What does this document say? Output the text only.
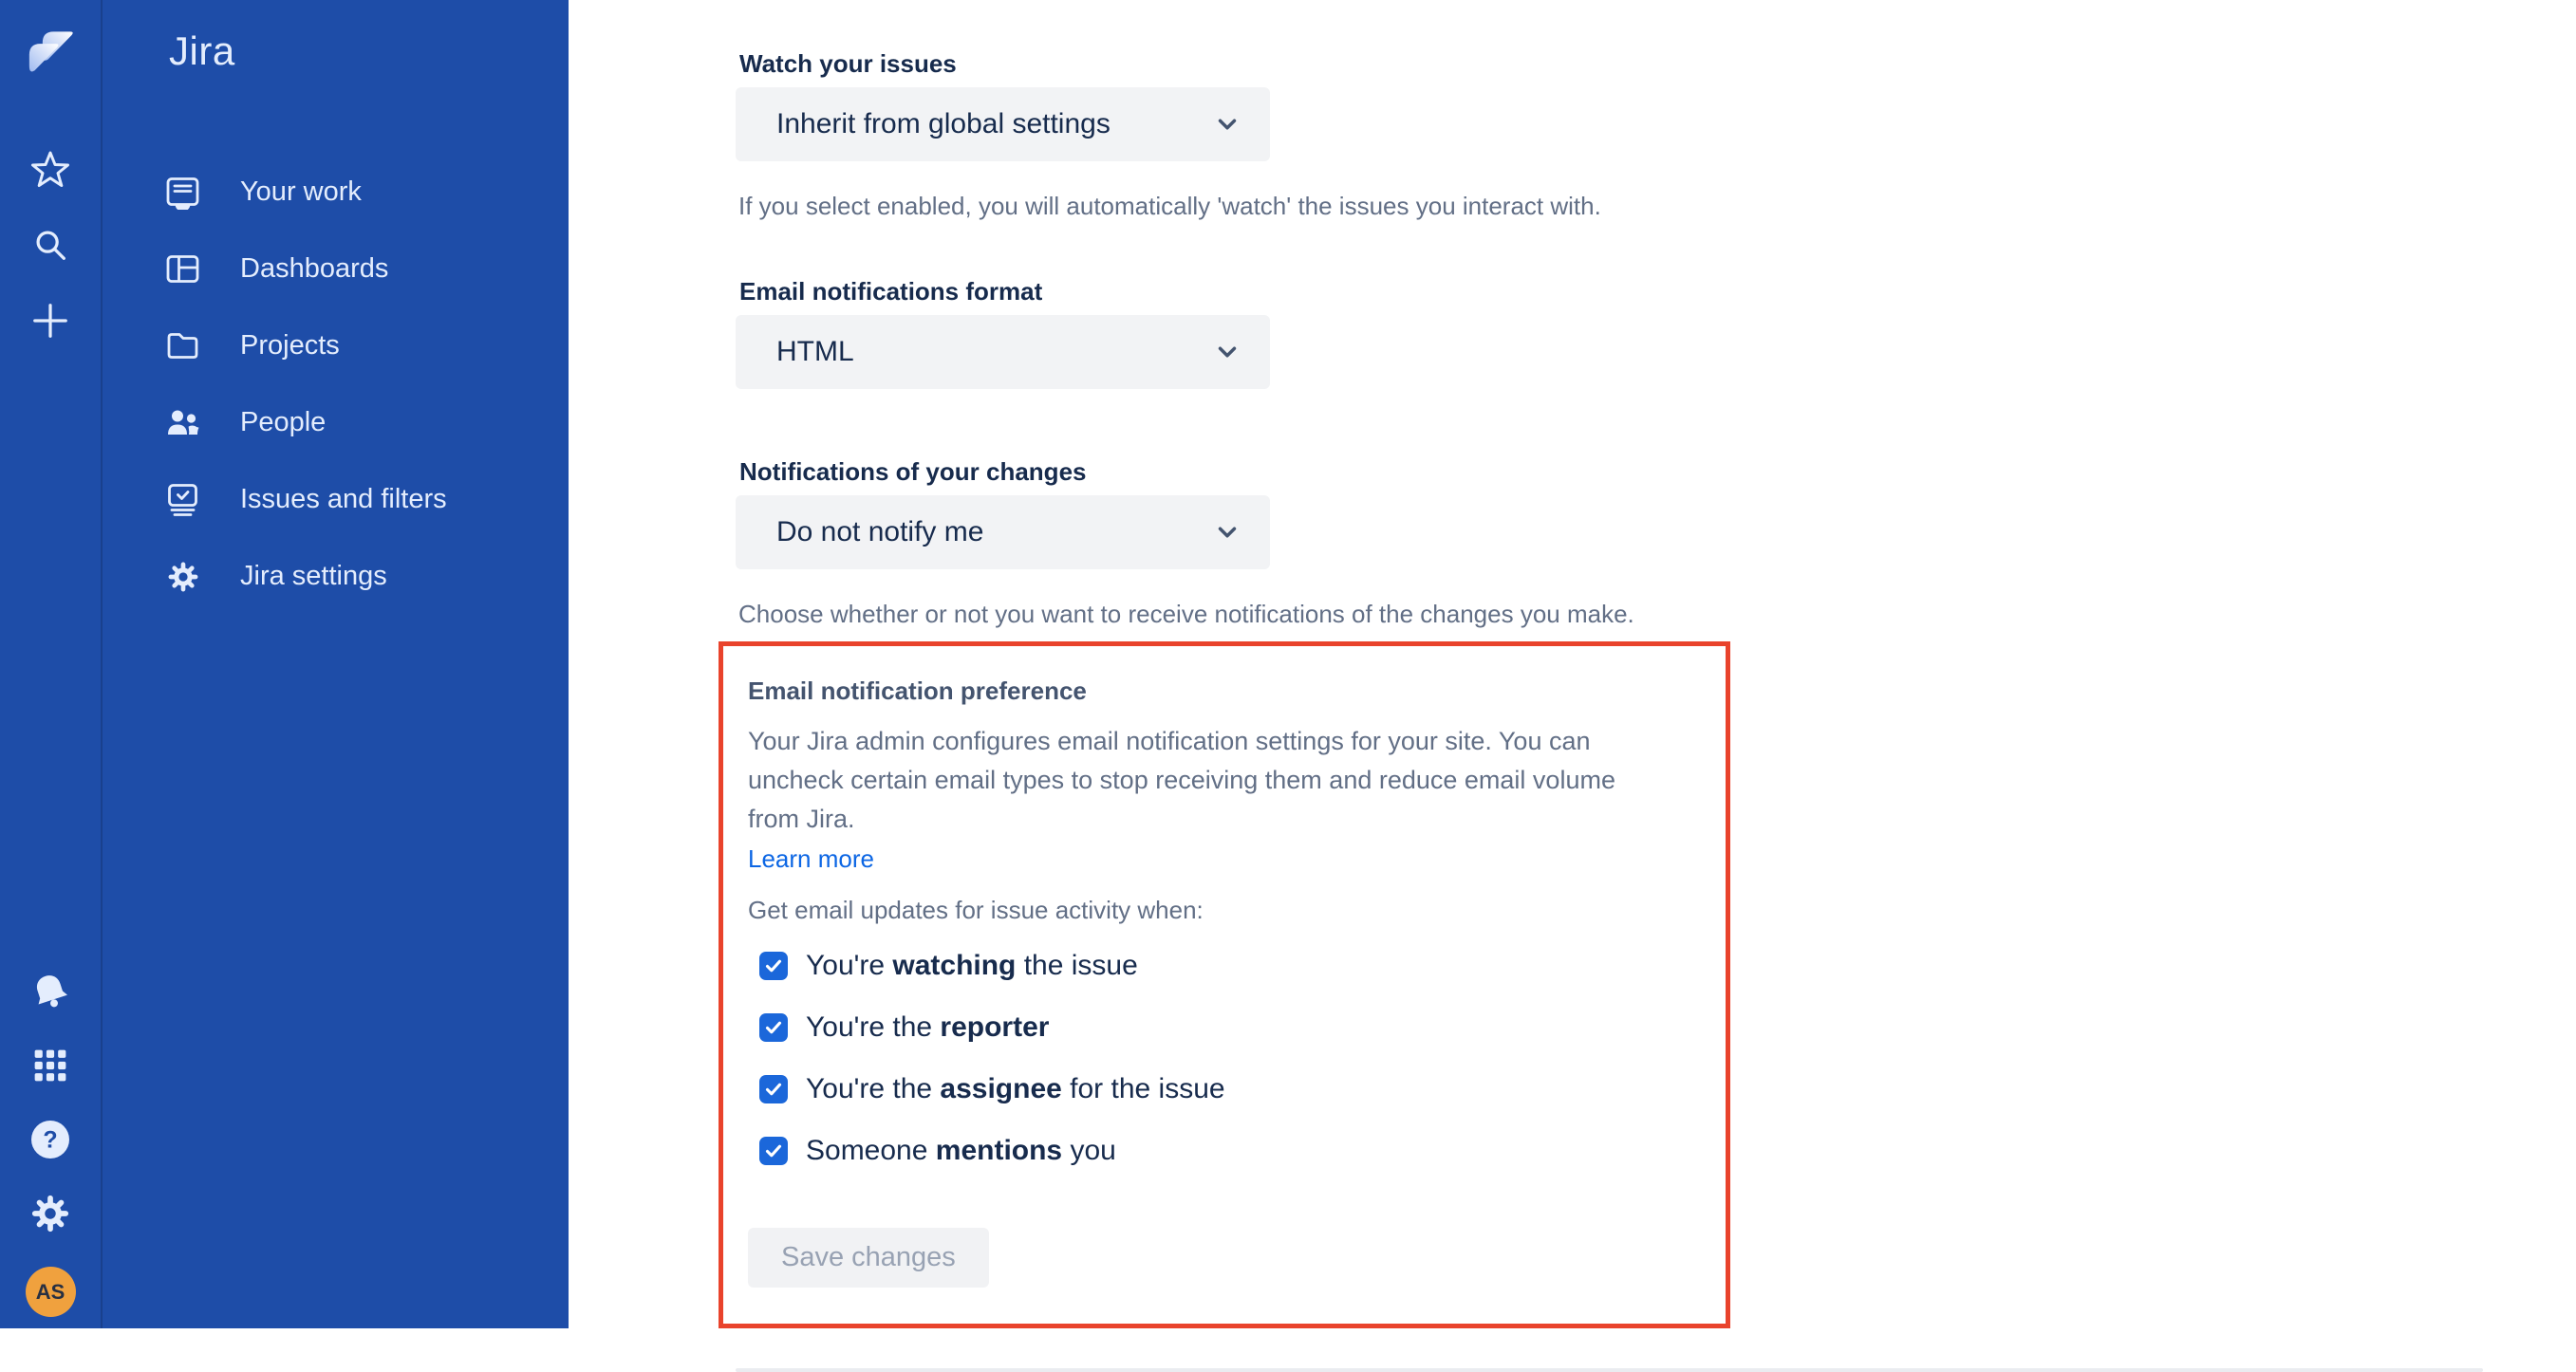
?
AS
Jira
Your work
Dashboards
Projects
People
Issues and filters
Jira settings
Watch your issues
Inherit from global settings
If you select enabled, you will automatically 'watch' the issues you interact with.
Email notifications format
HTML
Notifications of your changes
Do not notify me
Choose whether or not you want to receive notifications of the changes you make.
Email notification preference
Your Jira admin configures email notification settings for your site. You can uncheck certain email types to stop receiving them and reduce email volume from Jira.
Learn more
Get email updates for issue activity when:
You're watching the issue
You're the reporter
You're the assignee for the issue
Someone mentions you
Save changes
